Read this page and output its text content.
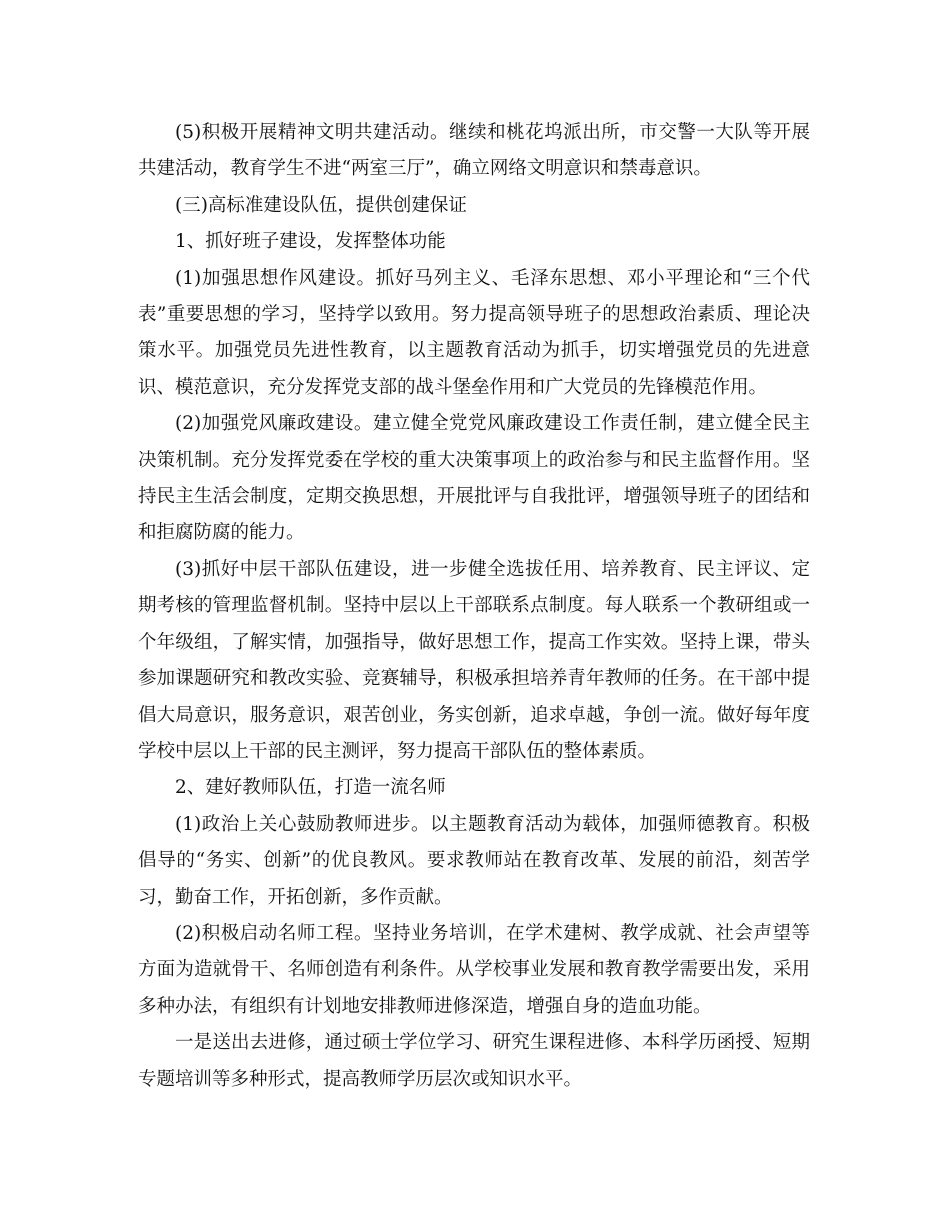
(5)积极开展精神文明共建活动。继续和桃花坞派出所，市交警一大队等开展共建活动，教育学生不进“两室三厅”，确立网络文明意识和禁毒意识。

(三)高标准建设队伍，提供创建保证

1、抓好班子建设，发挥整体功能

(1)加强思想作风建设。抓好马列主义、毛泽东思想、邓小平理论和“三个代表”重要思想的学习，坚持学以致用。努力提高领导班子的思想政治素质、理论决策水平。加强党员先进性教育，以主题教育活动为抓手，切实增强党员的先进意识、模范意识，充分发挥党支部的战斗堡垒作用和广大党员的先锋模范作用。

(2)加强党风廉政建设。建立健全党党风廉政建设工作责任制，建立健全民主决策机制。充分发挥党委在学校的重大决策事项上的政治参与和民主监督作用。坚持民主生活会制度，定期交换思想，开展批评与自我批评，增强领导班子的团结和和拒腐防腐的能力。

(3)抓好中层干部队伍建设，进一步健全选拔任用、培养教育、民主评议、定期考核的管理监督机制。坚持中层以上干部联系点制度。每人联系一个教研组或一个年级组，了解实情，加强指导，做好思想工作，提高工作实效。坚持上课，带头参加课题研究和教改实验、竞赛辅导，积极承担培养青年教师的任务。在干部中提倡大局意识，服务意识，艰苦创业，务实创新，追求卓越，争创一流。做好每年度学校中层以上干部的民主测评，努力提高干部队伍的整体素质。

2、建好教师队伍，打造一流名师

(1)政治上关心鼓励教师进步。以主题教育活动为载体，加强师德教育。积极倡导的“务实、创新”的优良教风。要求教师站在教育改革、发展的前沿，刻苦学习，勤奋工作，开拓创新，多作贡献。

(2)积极启动名师工程。坚持业务培训，在学术建树、教学成就、社会声望等方面为造就骨干、名师创造有利条件。从学校事业发展和教育教学需要出发，采用多种办法，有组织有计划地安排教师进修深造，增强自身的造血功能。

一是送出去进修，通过硕士学位学习、研究生课程进修、本科学历函授、短期专题培训等多种形式，提高教师学历层次或知识水平。
